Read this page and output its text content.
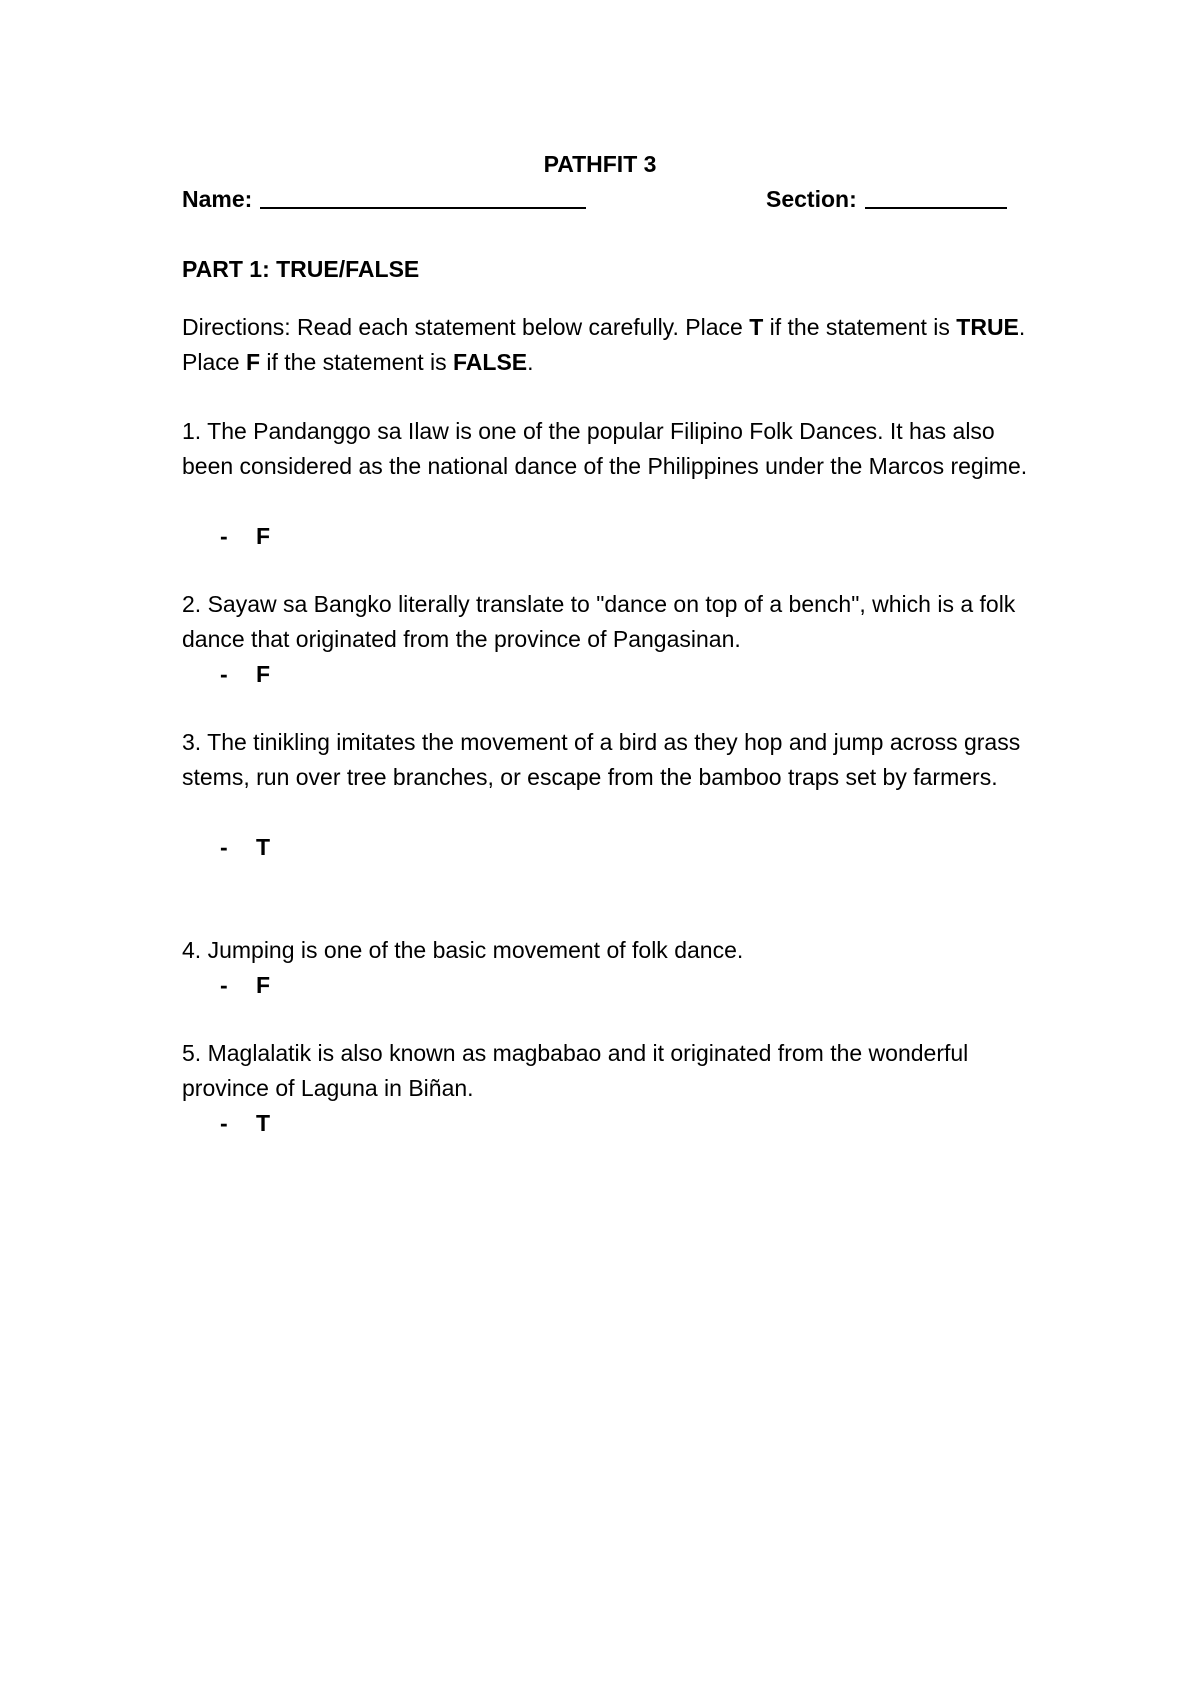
PATHFIT 3
Name:	Section:
PART 1: TRUE/FALSE
Directions: Read each statement below carefully. Place T if the statement is TRUE. Place F if the statement is FALSE.
1. The Pandanggo sa Ilaw is one of the popular Filipino Folk Dances. It has also been considered as the national dance of the Philippines under the Marcos regime.
-	F
2. Sayaw sa Bangko literally translate to "dance on top of a bench", which is a folk dance that originated from the province of Pangasinan.
-	F
3. The tinikling imitates the movement of a bird as they hop and jump across grass stems, run over tree branches, or escape from the bamboo traps set by farmers.
-	T
4. Jumping is one of the basic movement of folk dance.
-	F
5. Maglalatik is also known as magbabao and it originated from the wonderful province of Laguna in Biñan.
-	T
